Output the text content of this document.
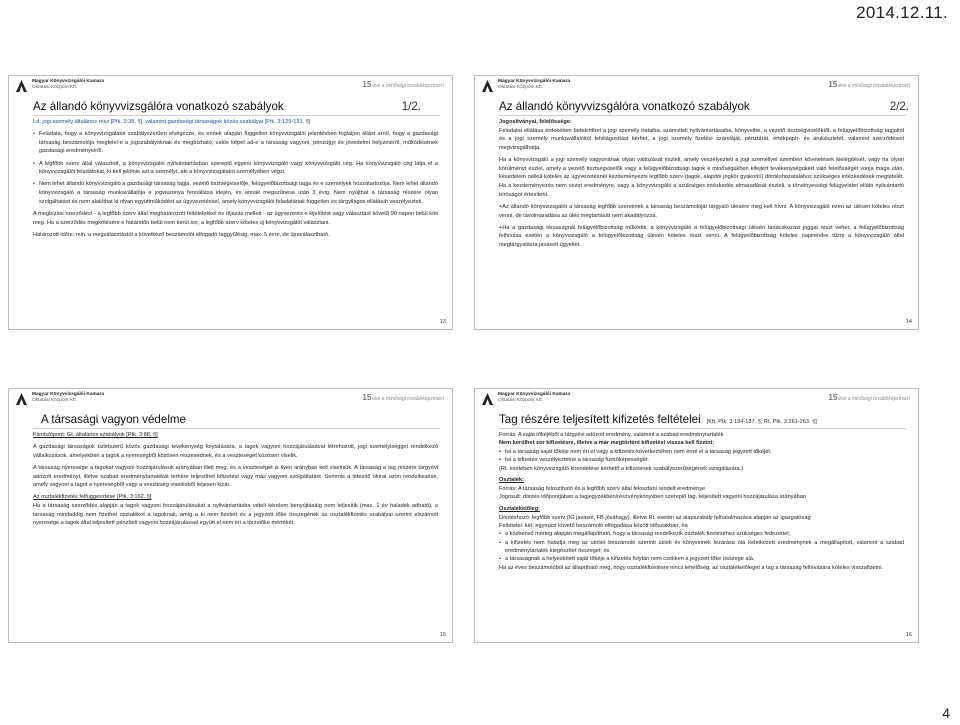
2014.12.11.
Magyar Könyvvizsgálói Kamara
Oktatási Központ Kft.	15éve a minőségi továbbképzésért
Az állandó könyvvizsgálóra vonatkozó szabályok	1/2.

Ld. jogi személy általános rész [Ptk. 3:38. §], valamint gazdasági társaságok közös szabályai [Ptk. 3:129-131. §]

• Feladata, hogy a könyvvizsgálatot szabályszerűen elvégezze, és ennek alapján független könyvvizsgálói jelentésben foglaljon állást arról, hogy a gazdasági társaság beszámolója megfelel-e a jogszabályoknak és megbízható, valós képet ad-e a társaság vagyoni, pénzügyi és jövedelmi helyzetéről, működésének gazdasági eredményeiről.

• A legfőbb szerv által választott, a könyvvizsgálói nyilvántartásban szereplő egyéni könyvvizsgáló vagy könyvvizsgáló cég. Ha könyvvizsgáló cég látja el a könyvvizsgálói feladatokat, ki kell jelölnie azt a személyt, aki a könyvvizsgálatot személyében végzi.

• Nem lehet állandó könyvvizsgáló a gazdasági társaság tagja, vezető tisztségviselője, felügyelőbizottsági tagja és e személyek hozzátartozója. Nem lehet állandó könyvvizsgáló a társaság munkavállalója e jogviszonya fennállása idején, és annak megszűnése után 3 évig. Nem nyújthat a társaság részére olyan szolgáltatást és nem alakíthat ki olyan együttműködést az ügyvezetéssel, amely könyvvizsgálói feladatának független és tárgyilagos ellátását veszélyezteti.

A megbízási szerződést - a legfőbb szerv által meghatározott feltételekkel és díjazás mellett - az ügyvezetés e kijelölést vagy választást követő 90 napon belül köti meg. Ha a szerződés megkötésére e határidőn belül nem kerül sor, a legfőbb szerv köteles új könyvvizsgálót választani.

Határozott időre: min. a megválasztástól a következő beszámolót elfogadó taggyűlésig, max. 5 évre, de újraválasztható.

13
Magyar Könyvvizsgálói Kamara
Oktatási Központ Kft.	15éve a minőségi továbbképzésért
Az állandó könyvvizsgálóra vonatkozó szabályok	2/2.

Jogosítványai, felelőssége:

Feladatai ellátása érdekében betekinthet a jogi személy irataiba, számviteli nyilvántartásaiba, könyveibe, a vezető tisztségviselőktől, a felügyelőbizottság tagjaitól és a jogi személy munkavállalóitól felvilágosítást kérhet, a jogi személy fizetési számláját, pénztárát, értékpapír- és árukészletét, valamint szerződéseit megvizsgálhatja.

Ha a könyvvizsgáló a jogi személy vagyonának olyan változását észleli, amely veszélyezteti a jogi személlyel szemben követelések kielégítését, vagy ha olyan körülményt észlel, amely a vezető tisztségviselők vagy a felügyelőbizottsági tagok e minőségükben kifejtett tevékenységükért való felelősségét vonja maga után, késedelem nélkül köteles az ügyvezetésnél kezdeményezni legfőbb szerv (tagok, alapítói jogkör gyakorló) döntéshozatalához szükséges intézkedések megtételét. Ha a kezdeményezés nem vezet eredményre, vagy a könyvvizsgáló a szükséges intézkedés elmaradását észleli, a törvényességi felügyeletet ellátó nyilvántartó bíróságot értesíteni.

+Az állandó könyvvizsgálót a társaság legfőbb szervének a társaság beszámolóját tárgyaló ülésére meg kell hívni. A könyvvizsgáló ezen az ülésen köteles részt venni, de távolmaradása az ülés megtartását nem akadályozza.

+Ha a gazdasági társaságnál felügyelőbizottság működik, a könyvvizsgáló a felügyelőbizottsági ülésén tanácskozási joggal részt vehet, a felügyelőbizottság felhívása esetén a könyvvizsgáló a felügyelőbizottság ülésén köteles részt venni. A felügyelőbizottság köteles napirendre tűzni a könyvvizsgáló által megtárgyalásra javasolt ügyeket.

14
Magyar Könyvvizsgálói Kamara
Oktatási Központ Kft.	15éve a minőségi továbbképzésért
A társasági vagyon védelme

Kiindulópont: Gt. általános szabályok [Ptk. 3:88. §]

A gazdasági társaságok üzletszerű közös gazdasági tevékenység folytatására, a tagok vagyoni hozzájárulásával létrehozott, jogi személyiséggel rendelkező vállalkozások, amelyekben a tagok a nyereségből közösen részesednek, és a veszteséget közösen viselik.

A társaság nyeresége a tagokat vagyoni hozzájárulásuk arányában illeti meg, és a veszteséget is ilyen arányban kell viselniük. A társaság a tag részére tárgyévi adózott eredményt, illetve szabad eredménytartalékát terhére teljesíthet kifizetést vagy más vagyoni szolgáltatást. Semmis a létesítő okirat azon rendelkezése, amely vagyoni a tagot a nyereségből vagy a veszteség viselésből teljesen kizár.

Az osztalékfizetés felfüggesztése [Ptk. 3:162. §]

Ha a társaság szerződés alapján a tagok vagyoni hozzájárulásukat a nyilvántartásba vételi kérelem benyújtásáig nem teljesítik (max. 1 év haladék adható), a társaság mindaddig nem fizethet osztalékot a tagoknak, amíg a ki nem fizetett és a jegyzett tőke összegének az osztalékfizetés szabályai szerint elszámolt nyeresége a tagok által teljesített pénzbeli vagyoni hozzájárulással együtt el nem éri a törzstőke mértékét.

15
Magyar Könyvvizsgálói Kamara
Oktatási Központ Kft.	15éve a minőségi továbbképzésért
Tag részére teljesített kifizetés feltételei [Kft. Ptk. 3:184-187. §; Rt. Ptk. 3:261-263. §]

Forrás: A saját tőkéjéből a tárgyévi adózott eredmény, valamint a szabad eredménytartalék

Nem kerülhet sor kifizetésre, illetve a már megtörtént kifizetést vissza kell fizetni:

• ha a társaság saját tőkéje nem éri el vagy a kifizetés következtében nem érné el a társaság jegyzett tőkéjét,

• ha a kifizetés veszélyeztetné a társaság fizetőképességét.

(Rt. esetében könyvvizsgáló kirendelése kérhető a kifizetések szabályszerűségének vizsgálására.)

Osztalék:

Forrás: A társaság felosztható és a legfőbb szerv által felosztani rendelt eredménye

Jogosult: döntés időpontjában a tagjegyzékben/részvénykönyvben szereplő tag, teljesített vagyoni hozzájárulása arányában

Osztalékelőleg:

Döntéshozó: legfőbb szerv (IG javasol, FB jóváhagy), illetve Rt. esetén az alapszabály felhatalmazása alapján az igazgatóság

Feltételei: két, egymást követő beszámoló elfogadása között időszakban, ha

• a közbenső mérleg alapján megállapítható, hogy a társaság rendelkezik osztalék fizetéséhez szükséges fedezettel;

• a kifizetés nem haladja meg az utolsó beszámoló szerinti üzleti év könyveinek lezárása óta keletkezett eredménynek a megállapított, valamint a szabad eredménytartalék kiegészítet összeget; és

• a társaságnak a helyesbített saját tőkéje a kifizetés folytán nem csökken a jegyzett tőke összege alá.

Ha az éves beszámolóból az állapítható meg, hogy osztalékfizetésre nincs lehetőség, az osztalékelőleget a tag a társaság felhívására köteles visszafizetni.

16
4
